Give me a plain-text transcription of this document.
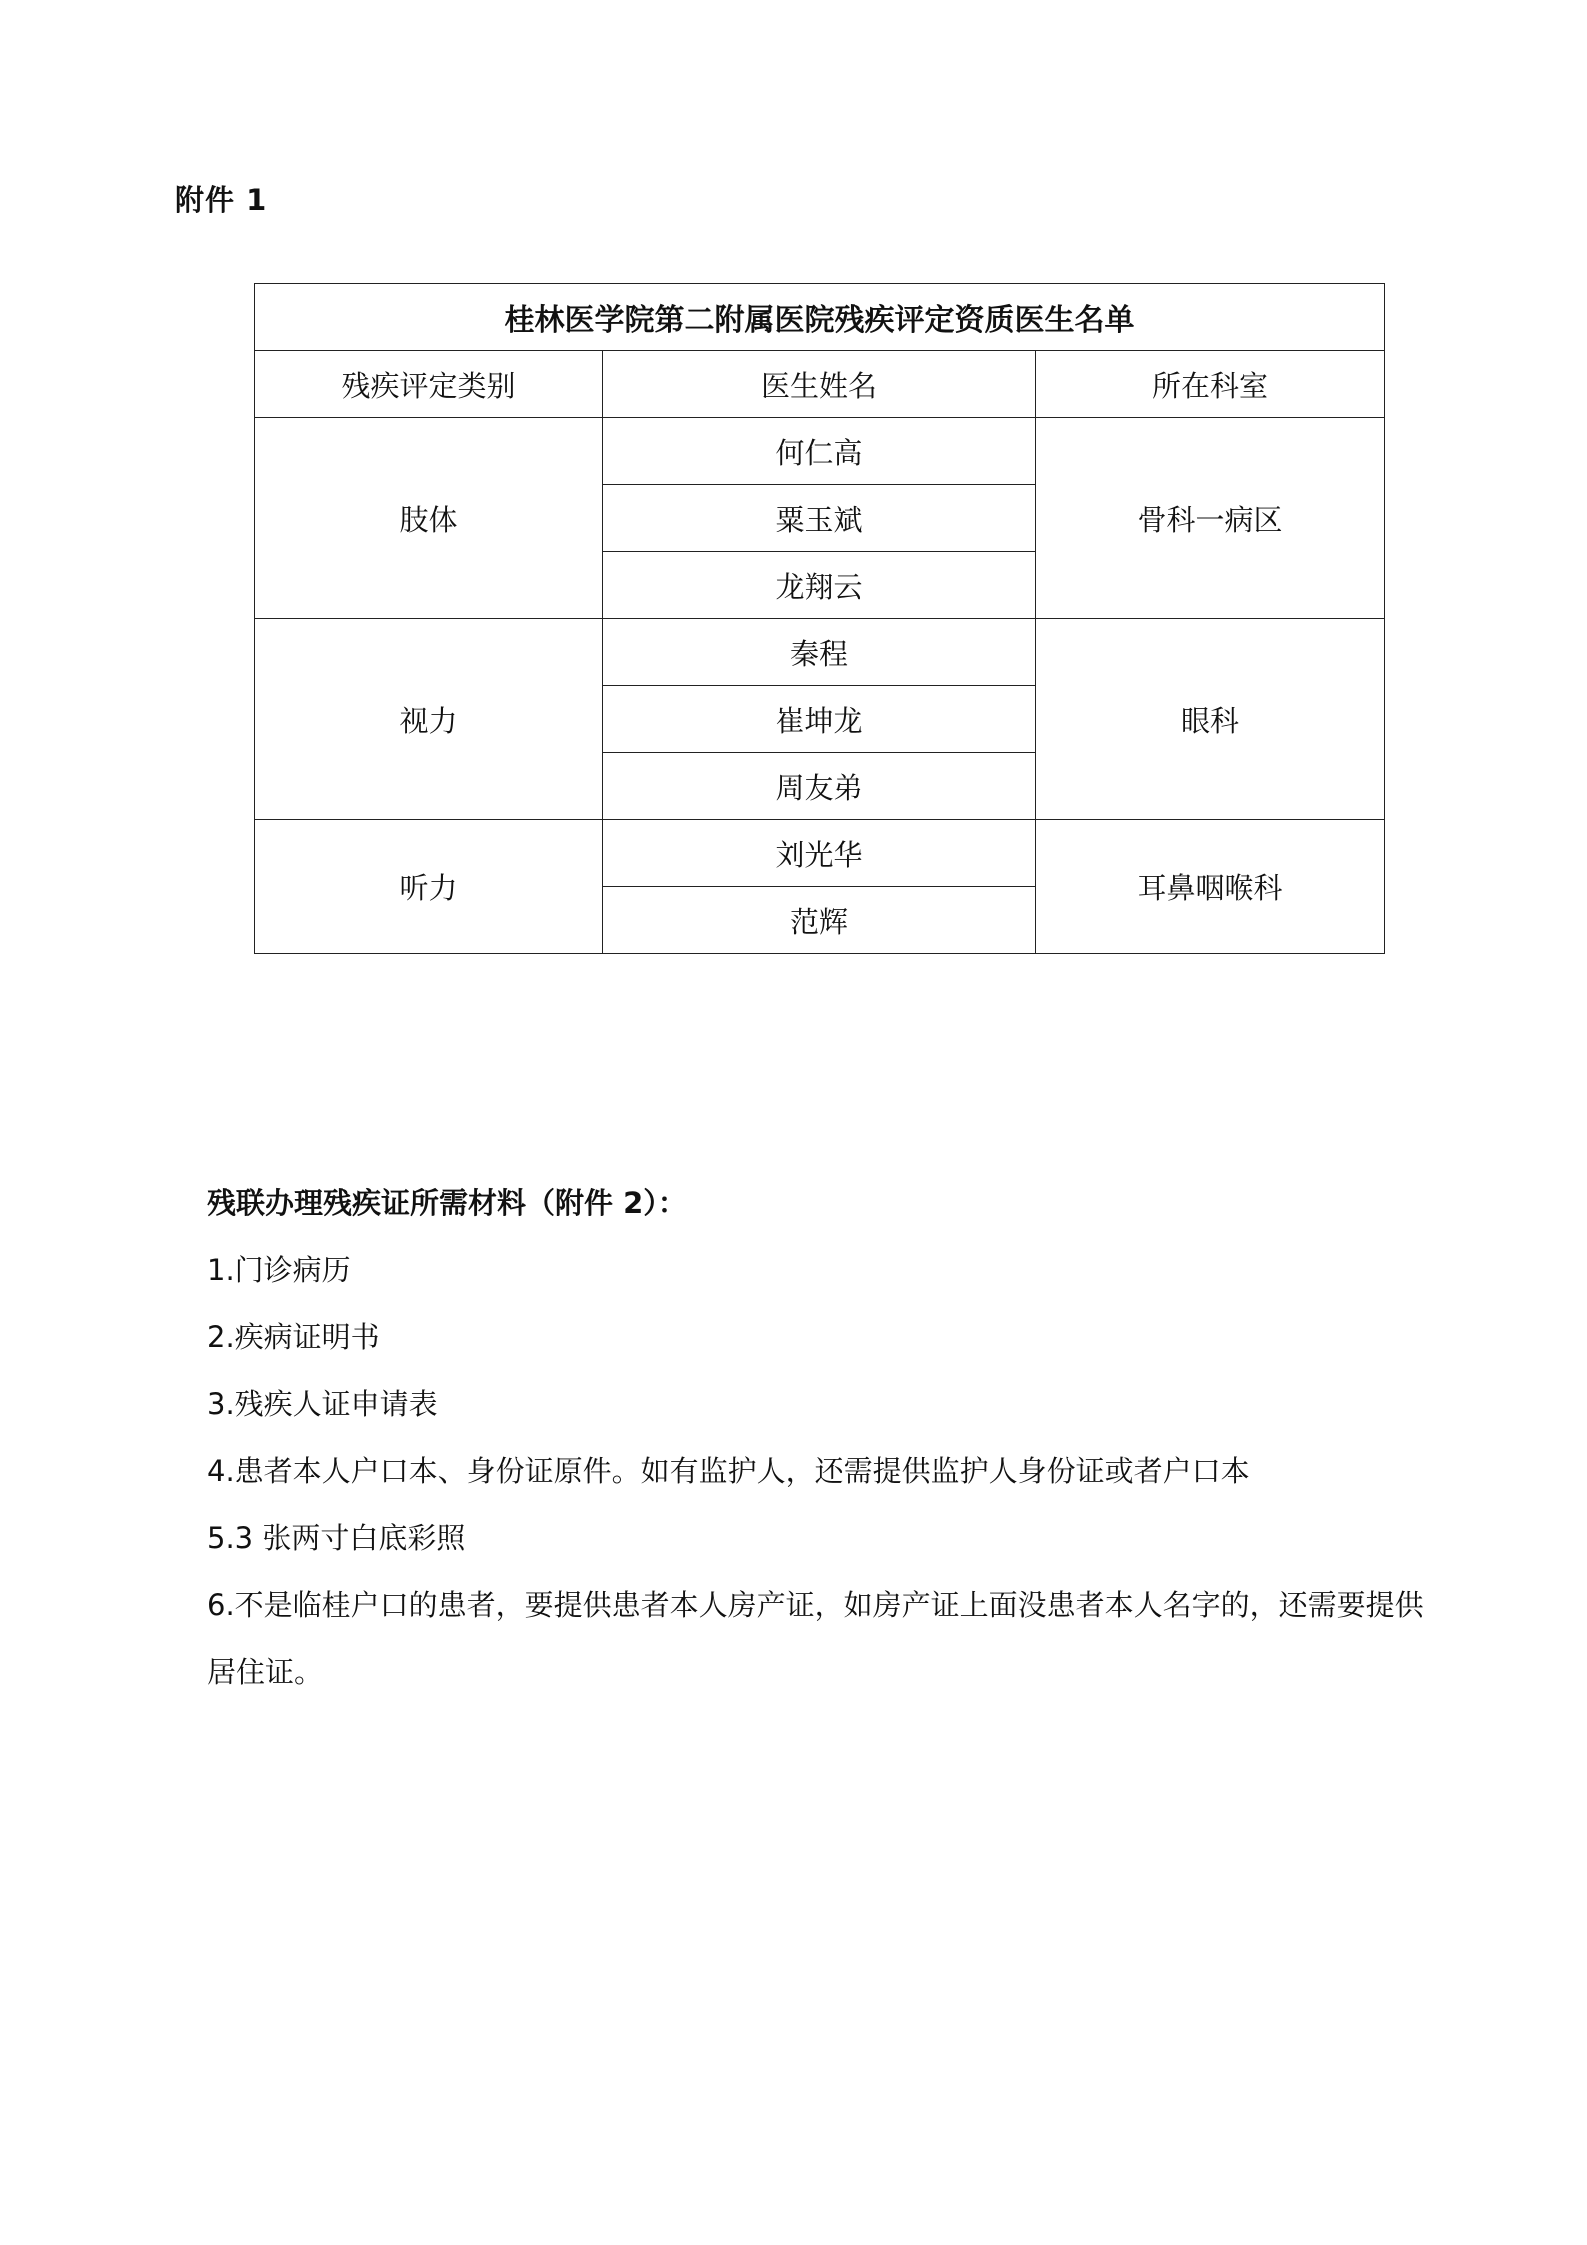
附件 1
桂林医学院第二附属医院残疾评定资质医生名单		
残疾评定类别	医生姓名	所在科室
肢体	何仁高	骨科一病区
	粟玉斌	
	龙翔云	
视力	秦程	眼科
	崔坤龙	
	周友弟	
听力	刘光华	耳鼻咽喉科
	范辉	
残联办理残疾证所需材料（附件 2）：
1.门诊病历
2.疾病证明书
3.残疾人证申请表
4.患者本人户口本、身份证原件。如有监护人，还需提供监护人身份证或者户口本
5.3 张两寸白底彩照
6.不是临桂户口的患者，要提供患者本人房产证，如房产证上面没患者本人名字的，还需要提供居住证。
